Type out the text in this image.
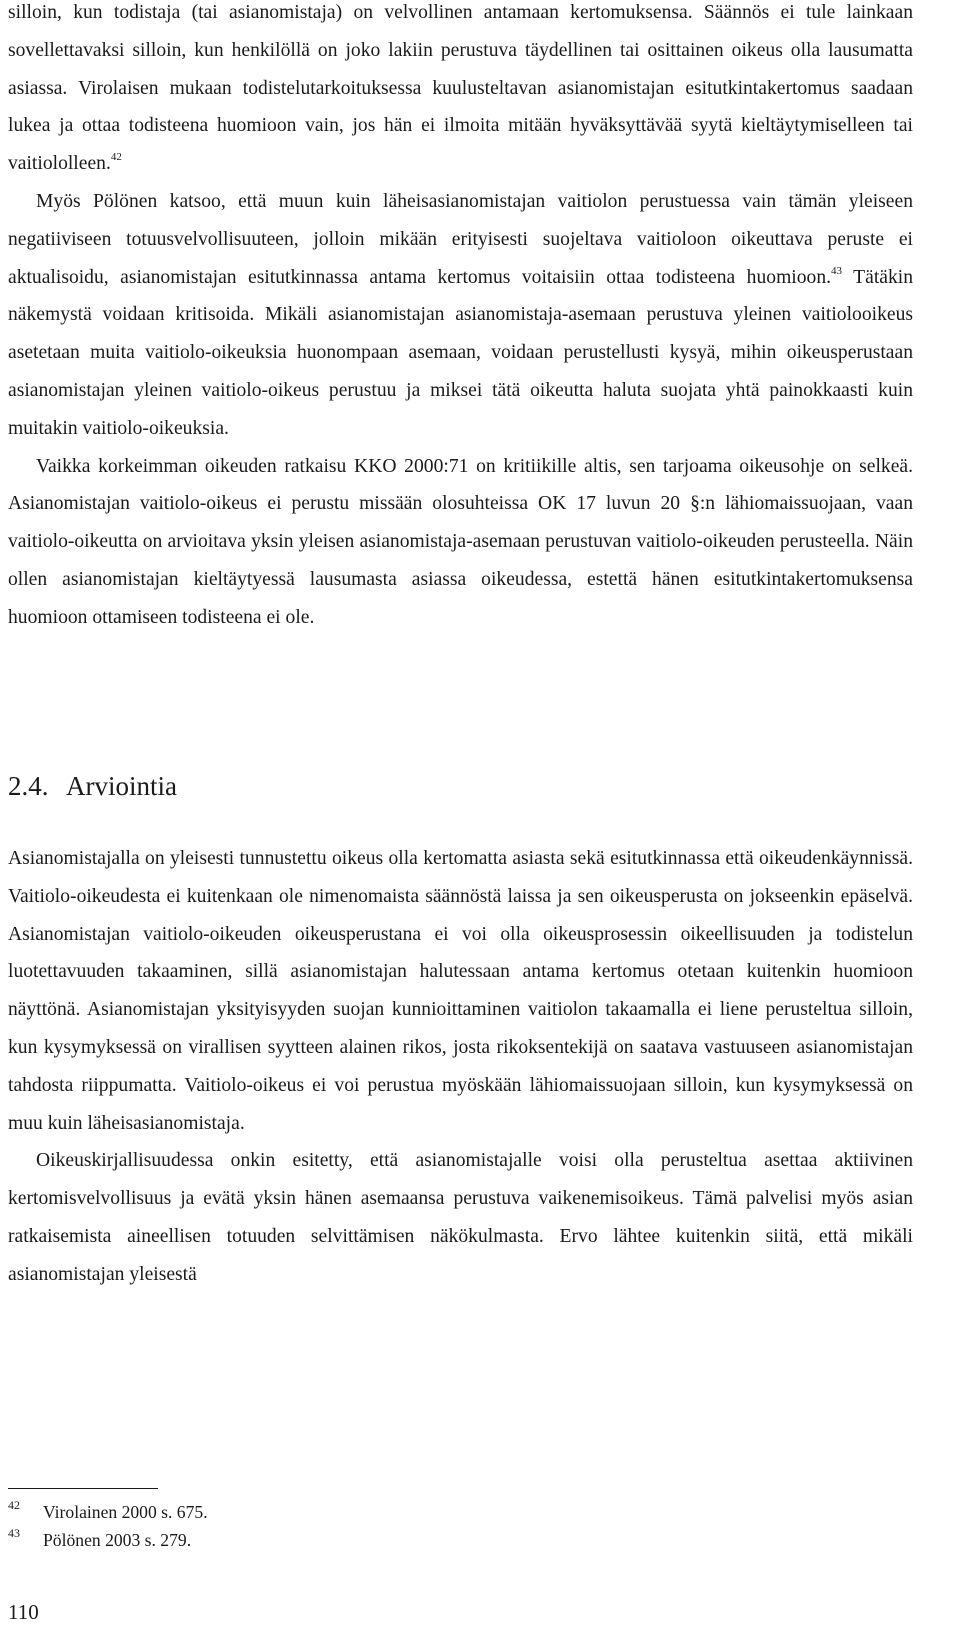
silloin, kun todistaja (tai asianomistaja) on velvollinen antamaan kertomuksensa. Säännös ei tule lainkaan sovellettavaksi silloin, kun henkilöllä on joko lakiin perustuva täydellinen tai osittainen oikeus olla lausumatta asiassa. Virolaisen mukaan todistelutarkoituksessa kuulusteltavan asianomistajan esitutkintakertomus saadaan lukea ja ottaa todisteena huomioon vain, jos hän ei ilmoita mitään hyväksyttävää syytä kieltäytymiselleen tai vaitiololleen.$^{42}$

Myös Pölönen katsoo, että muun kuin läheisasianomistajan vaitiolon perustuessa vain tämän yleiseen negatiiviseen totuusvelvollisuuteen, jolloin mikään erityisesti suojeltava vaitioloon oikeuttava peruste ei aktualisoidu, asianomistajan esitutkinnassa antama kertomus voitaisiin ottaa todisteena huomioon.$^{43}$ Tätäkin näkemystä voidaan kritisoida. Mikäli asianomistajan asianomistaja-asemaan perustuva yleinen vaitiolooikeus asetetaan muita vaitiolo-oikeuksia huonompaan asemaan, voidaan perustellusti kysyä, mihin oikeusperustaan asianomistajan yleinen vaitiolo-oikeus perustuu ja miksei tätä oikeutta haluta suojata yhtä painokkaasti kuin muitakin vaitiolo-oikeuksia.

Vaikka korkeimman oikeuden ratkaisu KKO 2000:71 on kritiikille altis, sen tarjoama oikeusohje on selkeä. Asianomistajan vaitiolo-oikeus ei perustu missään olosuhteissa OK 17 luvun 20 §:n lähiomaissuojaan, vaan vaitiolo-oikeutta on arvioitava yksin yleisen asianomistaja-asemaan perustuvan vaitiolo-oikeuden perusteella. Näin ollen asianomistajan kieltäytyessä lausumasta asiassa oikeudessa, estettä hänen esitutkintakertomuksensa huomioon ottamiseen todisteena ei ole.

2.4. Arviointia

Asianomistajalla on yleisesti tunnustettu oikeus olla kertomatta asiasta sekä esitutkinnassa että oikeudenkäynnissä. Vaitiolo-oikeudesta ei kuitenkaan ole nimenomaista säännöstä laissa ja sen oikeusperusta on jokseenkin epäselvä. Asianomistajan vaitiolo-oikeuden oikeusperustana ei voi olla oikeusprosessin oikeellisuuden ja todistelun luotettavuuden takaaminen, sillä asianomistajan halutessaan antama kertomus otetaan kuitenkin huomioon näyttönä. Asianomistajan yksityisyyden suojan kunnioittaminen vaitiolon takaamalla ei liene perusteltua silloin, kun kysymyksessä on virallisen syytteen alainen rikos, josta rikoksentekijä on saatava vastuuseen asianomistajan tahdosta riippumatta. Vaitiolo-oikeus ei voi perustua myöskään lähiomaissuojaan silloin, kun kysymyksessä on muu kuin läheisasianomistaja.

Oikeuskirjallisuudessa onkin esitetty, että asianomistajalle voisi olla perusteltua asettaa aktiivinen kertomisvelvollisuus ja evätä yksin hänen asemaansa perustuva vaikenemisoikeus. Tämä palvelisi myös asian ratkaisemista aineellisen totuuden selvittämisen näkökulmasta. Ervo lähtee kuitenkin siitä, että mikäli asianomistajan yleisestä

42 Virolainen 2000 s. 675.
43 Pölönen 2003 s. 279.
110
